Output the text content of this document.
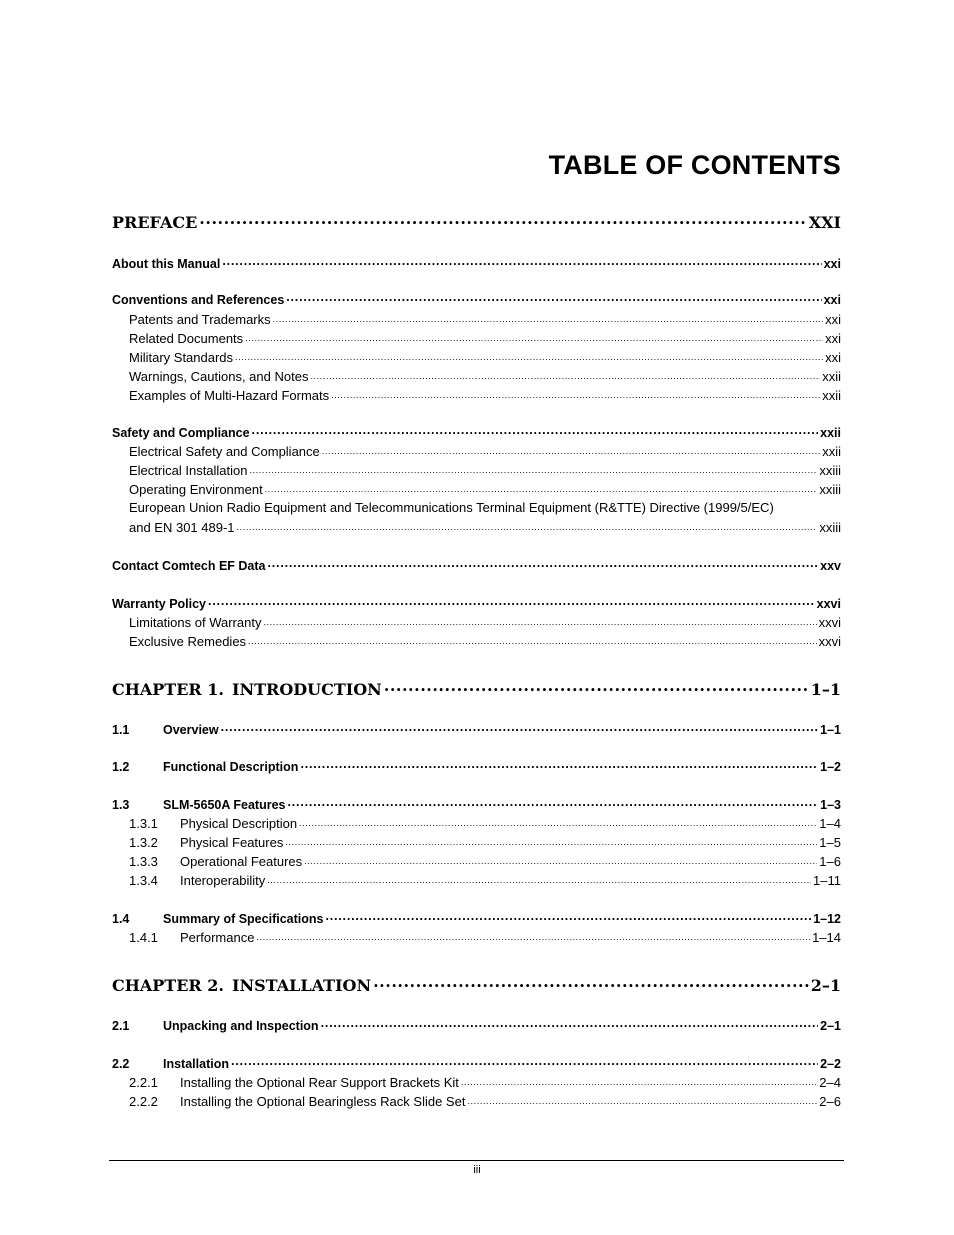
TABLE OF CONTENTS
PREFACE .....	XXI
About this Manual .....	xxi
Conventions and References .....	xxi
Patents and Trademarks .....	xxi
Related Documents .....	xxi
Military Standards .....	xxi
Warnings, Cautions, and Notes .....	xxii
Examples of Multi-Hazard Formats .....	xxii
Safety and Compliance .....	xxii
Electrical Safety and Compliance .....	xxii
Electrical Installation .....	xxiii
Operating Environment .....	xxiii
European Union Radio Equipment and Telecommunications Terminal Equipment (R&TTE) Directive (1999/5/EC)
and EN 301 489-1 .....	xxiii
Contact Comtech EF Data .....	xxv
Warranty Policy .....	xxvi
Limitations of Warranty .....	xxvi
Exclusive Remedies .....	xxvi
CHAPTER 1. INTRODUCTION .....	1–1
1.1	Overview .....	1–1
1.2	Functional Description .....	1–2
1.3	SLM-5650A Features .....	1–3
1.3.1	Physical Description .....	1–4
1.3.2	Physical Features .....	1–5
1.3.3	Operational Features .....	1–6
1.3.4	Interoperability .....	1–11
1.4	Summary of Specifications .....	1–12
1.4.1	Performance .....	1–14
CHAPTER 2. INSTALLATION .....	2–1
2.1	Unpacking and Inspection .....	2–1
2.2	Installation .....	2–2
2.2.1	Installing the Optional Rear Support Brackets Kit .....	2–4
2.2.2	Installing the Optional Bearingless Rack Slide Set .....	2–6
iii
